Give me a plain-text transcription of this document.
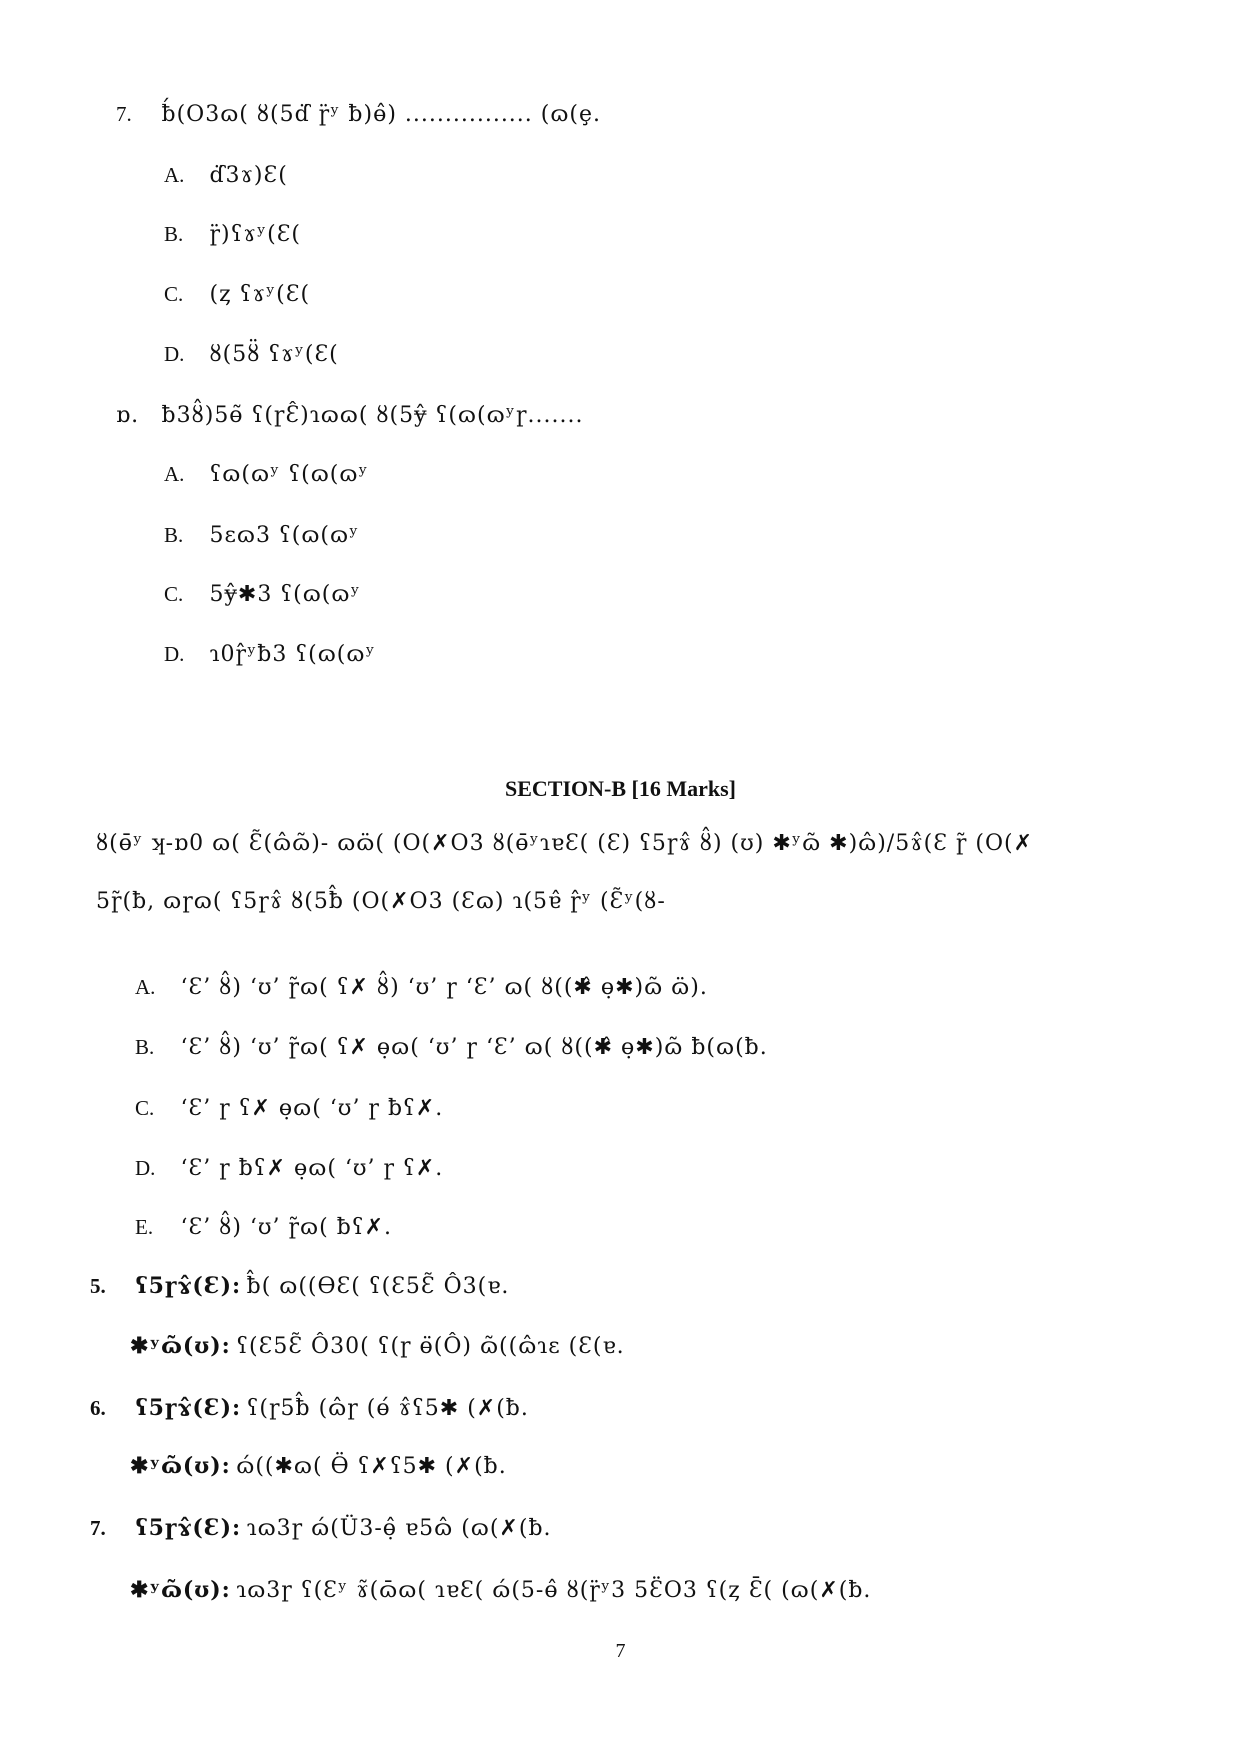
7. ƀ́(O3ɷ( ȣ(5ɗ̈ ɼ̈ʸ ƀ)ɵ̂) ................ (ɷ(ȩ.
A. ɗ̈3ɤ)Ɛ(
B. ɼ̈)ʕɤʸ(Ɛ(
C. (ȥ ʕɤʸ(Ɛ(
D. ȣ(5ȣ̈ ʕɤʸ(Ɛ(
ɒ. ƀ3ȣ̂)5ɵ̃ ʕ(ɼƐ̂)ɿɷɷ( ȣ(5ɏ̂ ʕ(ɷ(ɷʸɼ.......
A. ʕɷ(ɷʸ ʕ(ɷ(ɷʸ
B. 5ɛɷ3 ʕ(ɷ(ɷʸ
C. 5ɏ̂✱3 ʕ(ɷ(ɷʸ
D. ɿ0ɼ̂ʸƀ3 ʕ(ɷ(ɷʸ
SECTION-B [16 Marks]
ȣ(ɵ̄ʸ ʞ-ɒ0 ɷ( Ɛ̃(ɷ̂ɷ̃)- ɷɷ̈( (O(✗O3 ȣ(ɵ̄ʸɿɐƐ( (Ɛ) ʕ5ɼɤ̂ ȣ̂) (ʊ) ✱ʸɷ̃ ✱)ɷ̂)/5ɤ̂(Ɛ ɼ̃ (O(✗
5ɼ̃(ƀ, ɷɼɷ( ʕ5ɼɤ̂ ȣ(5ƀ̂ (O(✗O3 (Ɛɷ) ɿ(5ɐ̂ ɼ̂ʸ (Ɛ̃ʸ(ȣ-
A. ‘Ɛ’ ȣ̂) ‘ʊ’ ɼ̃ɷ( ʕ✗ ȣ̂) ‘ʊ’ ɼ ‘Ɛ’ ɷ( ȣ((✱̂ ɵ̣✱)ɷ̃ ɷ̈).
B. ‘Ɛ’ ȣ̂) ‘ʊ’ ɼ̃ɷ( ʕ✗ ɵ̣ɷ( ‘ʊ’ ɼ ‘Ɛ’ ɷ( ȣ((✱̂ ɵ̣✱)ɷ̃ ƀ(ɷ(ƀ.
C. ‘Ɛ’ ɼ ʕ✗ ɵ̣ɷ( ‘ʊ’ ɼ ƀʕ✗.
D. ‘Ɛ’ ɼ ƀʕ✗ ɵ̣ɷ( ‘ʊ’ ɼ ʕ✗.
E. ‘Ɛ’ ȣ̂) ‘ʊ’ ɼ̃ɷ( ƀʕ✗.
5. ʕ5ɼɤ̂(Ɛ): ƀ̂( ɷ((ƟƐ( ʕ(Ɛ5Ɛ̃ Ô3(ɐ.
✱ʸɷ̃(ʊ): ʕ(Ɛ5Ɛ̃ Ô30( ʕ(ɼ ɵ̈(Ô) ɷ̃((ɷ̂ɿɛ (Ɛ(ɐ.
6. ʕ5ɼɤ̂(Ɛ): ʕ(ɼ5ƀ̂ (ɷ̂ɼ (ɵ́ ɤ̂ʕ5✱ (✗(ƀ.
✱ʸɷ̃(ʊ): ɷ́((✱ɷ( Ɵ̈ ʕ✗ʕ5✱ (✗(ƀ.
7. ʕ5ɼɤ̂(Ɛ): ɿɷ3ɼ ɷ́(Ü3-ɵ̣̂ ɐ5ɷ̂ (ɷ(✗(ƀ.
✱ʸɷ̃(ʊ): ɿɷ3ɼ ʕ(Ɛʸ ɤ̃(ɷ̄ɷ( ɿɐƐ( ɷ́(5-ɵ̂ ȣ(ɼ̈ʸ3 5Ɛ̈O3 ʕ(ȥ Ɛ̄( (ɷ(✗(ƀ.
7
